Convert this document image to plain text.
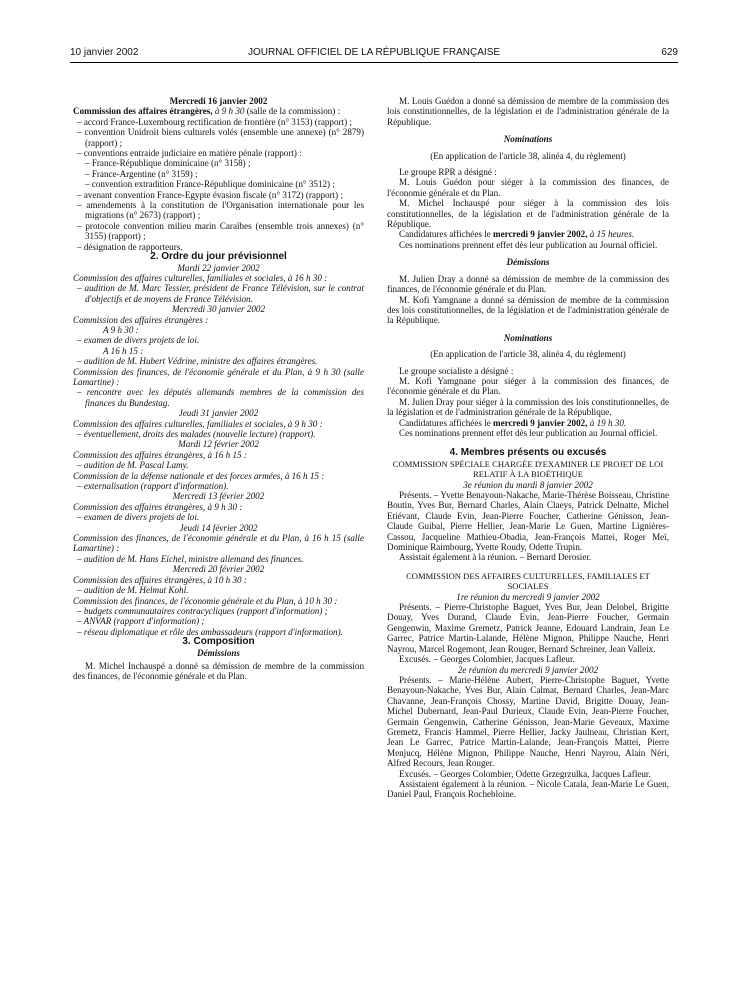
10 janvier 2002	JOURNAL OFFICIEL DE LA RÉPUBLIQUE FRANÇAISE	629

Mercredi 16 janvier 2002

Commission des affaires étrangères, à 9 h 30 (salle de la commission) :

– accord France-Luxembourg rectification de frontière (n° 3153) (rapport) ;

– convention Unidroit biens culturels volés (ensemble une annexe) (n° 2879) (rapport) ;

– conventions entraide judiciaire en matière pénale (rapport) :

– France-République dominicaine (n° 3158) ;

– France-Argentine (n° 3159) ;

– convention extradition France-République dominicaine (n° 3512) ;

– avenant convention France-Egypte évasion fiscale (n° 3172) (rapport) ;

– amendements à la constitution de l'Organisation internationale pour les migrations (n° 2673) (rapport) ;

– protocole convention milieu marin Caraïbes (ensemble trois annexes) (n° 3155) (rapport) ;

– désignation de rapporteurs.

2. Ordre du jour prévisionnel

Mardi 22 janvier 2002

Commission des affaires culturelles, familiales et sociales, à 16 h 30 :

– audition de M. Marc Tessier, président de France Télévision, sur le contrat d'objectifs et de moyens de France Télévision.

Mercredi 30 janvier 2002

Commission des affaires étrangères :

A 9 h 30 :

– examen de divers projets de loi.

A 16 h 15 :

– audition de M. Hubert Védrine, ministre des affaires étrangères.

Commission des finances, de l'économie générale et du Plan, à 9 h 30 (salle Lamartine) :

– rencontre avec les députés allemands membres de la commission des finances du Bundestag.

Jeudi 31 janvier 2002

Commission des affaires culturelles, familiales et sociales, à 9 h 30 :

– éventuellement, droits des malades (nouvelle lecture) (rapport).

Mardi 12 février 2002

Commission des affaires étrangères, à 16 h 15 :

– audition de M. Pascal Lamy.

Commission de la défense nationale et des forces armées, à 16 h 15 :

– externalisation (rapport d'information).

Mercredi 13 février 2002

Commission des affaires étrangères, à 9 h 30 :

– examen de divers projets de loi.

Jeudi 14 février 2002

Commission des finances, de l'économie générale et du Plan, à 16 h 15 (salle Lamartine) :

– audition de M. Hans Eichel, ministre allemand des finances.

Mercredi 20 février 2002

Commission des affaires étrangères, à 10 h 30 :

– audition de M. Helmut Kohl.

Commission des finances, de l'économie générale et du Plan, à 10 h 30 :

– budgets communautaires contracycliques (rapport d'information) ;

– ANVAR (rapport d'information) ;

– réseau diplomatique et rôle des ambassadeurs (rapport d'information).

3. Composition

Démissions

M. Michel Inchauspé a donné sa démission de membre de la commission des finances, de l'économie générale et du Plan.

M. Louis Guédon a donné sa démission de membre de la commission des lois constitutionnelles, de la législation et de l'administration générale de la République.

Nominations

(En application de l'article 38, alinéa 4, du règlement)

Le groupe RPR a désigné :

M. Louis Guédon pour siéger à la commission des finances, de l'économie générale et du Plan.

M. Michel Inchauspé pour siéger à la commission des lois constitutionnelles, de la législation et de l'administration générale de la République.

Candidatures affichées le mercredi 9 janvier 2002, à 15 heures.

Ces nominations prennent effet dès leur publication au Journal officiel.

Démissions

M. Julien Dray a donné sa démission de membre de la commission des finances, de l'économie générale et du Plan.

M. Kofi Yamgnane a donné sa démission de membre de la commission des lois constitutionnelles, de la législation et de l'administration générale de la République.

Nominations

(En application de l'article 38, alinéa 4, du règlement)

Le groupe socialiste a désigné :

M. Kofi Yamgnane pour siéger à la commission des finances, de l'économie générale et du Plan.

M. Julien Dray pour siéger à la commission des lois constitutionnelles, de la législation et de l'administration générale de la République.

Candidatures affichées le mercredi 9 janvier 2002, à 19 h 30.

Ces nominations prennent effet dès leur publication au Journal officiel.

4. Membres présents ou excusés

COMMISSION SPÉCIALE CHARGÉE D'EXAMINER LE PROJET DE LOI RELATIF À LA BIOÉTHIQUE

3e réunion du mardi 8 janvier 2002

Présents. – Yvette Benayoun-Nakache, Marie-Thérèse Boisseau, Christine Boutin, Yves Bur, Bernard Charles, Alain Claeys, Patrick Delnatte, Michel Etiévant, Claude Evin, Jean-Pierre Foucher, Catherine Génisson, Jean-Claude Guibal, Pierre Hellier, Jean-Marie Le Guen, Martine Lignières-Cassou, Jacqueline Mathieu-Obadia, Jean-François Mattei, Roger Meï, Dominique Raimbourg, Yvette Roudy, Odette Trupin.

Assistait également à la réunion. – Bernard Derosier.

COMMISSION DES AFFAIRES CULTURELLES, FAMILIALES ET SOCIALES

1re réunion du mercredi 9 janvier 2002

Présents. – Pierre-Christophe Baguet, Yves Bur, Jean Delobel, Brigitte Douay, Yves Durand, Claude Evin, Jean-Pierre Foucher, Germain Gengenwin, Maxime Gremetz, Patrick Jeanne, Edouard Landrain, Jean Le Garrec, Patrice Martin-Lalande, Hélène Mignon, Philippe Nauche, Henri Nayrou, Marcel Rogemont, Jean Rouger, Bernard Schreiner, Jean Valleix.

Excusés. – Georges Colombier, Jacques Lafleur.

2e réunion du mercredi 9 janvier 2002

Présents. – Marie-Hélène Aubert, Pierre-Christophe Baguet, Yvette Benayoun-Nakache, Yves Bur, Alain Calmat, Bernard Charles, Jean-Marc Chavanne, Jean-François Chossy, Martine David, Brigitte Douay, Jean-Michel Dubernard, Jean-Paul Durieux, Claude Evin, Jean-Pierre Foucher, Germain Gengenwin, Catherine Génisson, Jean-Marie Geveaux, Maxime Gremetz, Francis Hammel, Pierre Hellier, Jacky Jaulneau, Christian Kert, Jean Le Garrec, Patrice Martin-Lalande, Jean-François Mattei, Pierre Menjucq, Hélène Mignon, Philippe Nauche, Henri Nayrou, Alain Néri, Alfred Recours, Jean Rouger.

Excusés. – Georges Colombier, Odette Grzegrzulka, Jacques Lafleur.

Assistaient également à la réunion. – Nicole Catala, Jean-Marie Le Guen, Daniel Paul, François Rochebloine.
